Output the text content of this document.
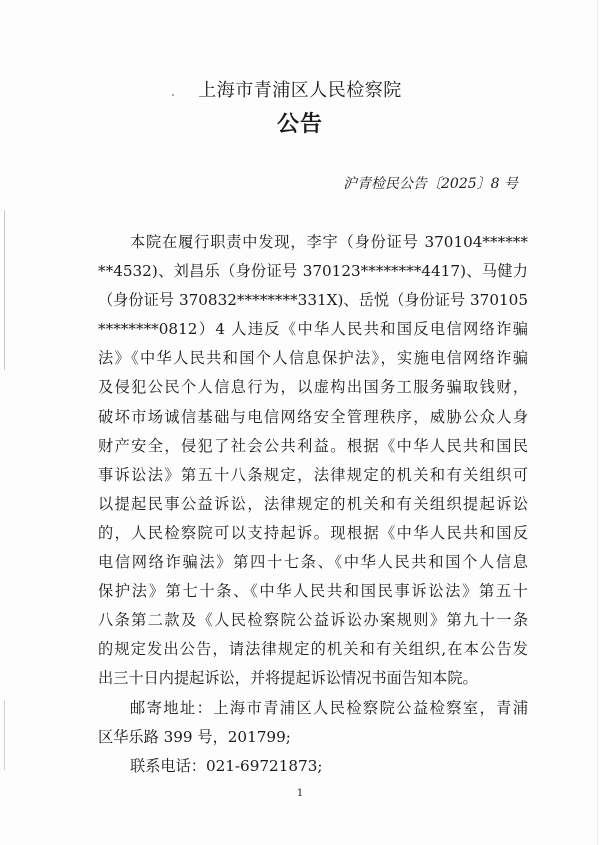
上海市青浦区人民检察院
公告
沪青检民公告〔2025〕8 号
本院在履行职责中发现，李宇（身份证号 370104******
**4532)、刘昌乐（身份证号 370123********4417)、马健力
（身份证号 370832********331X)、岳悦（身份证号 370105
********0812）4 人违反《中华人民共和国反电信网络诈骗
法》《中华人民共和国个人信息保护法》，实施电信网络诈骗
及侵犯公民个人信息行为，以虚构出国务工服务骗取钱财，
破坏市场诚信基础与电信网络安全管理秩序，威胁公众人身
财产安全，侵犯了社会公共利益。根据《中华人民共和国民
事诉讼法》第五十八条规定，法律规定的机关和有关组织可
以提起民事公益诉讼，法律规定的机关和有关组织提起诉讼
的，人民检察院可以支持起诉。现根据《中华人民共和国反
电信网络诈骗法》第四十七条、《中华人民共和国个人信息
保护法》第七十条、《中华人民共和国民事诉讼法》第五十
八条第二款及《人民检察院公益诉讼办案规则》第九十一条
的规定发出公告，请法律规定的机关和有关组织,在本公告发
出三十日内提起诉讼，并将提起诉讼情况书面告知本院。
邮寄地址：上海市青浦区人民检察院公益检察室，青浦
区华乐路 399 号，201799;
联系电话：021-69721873;
1
